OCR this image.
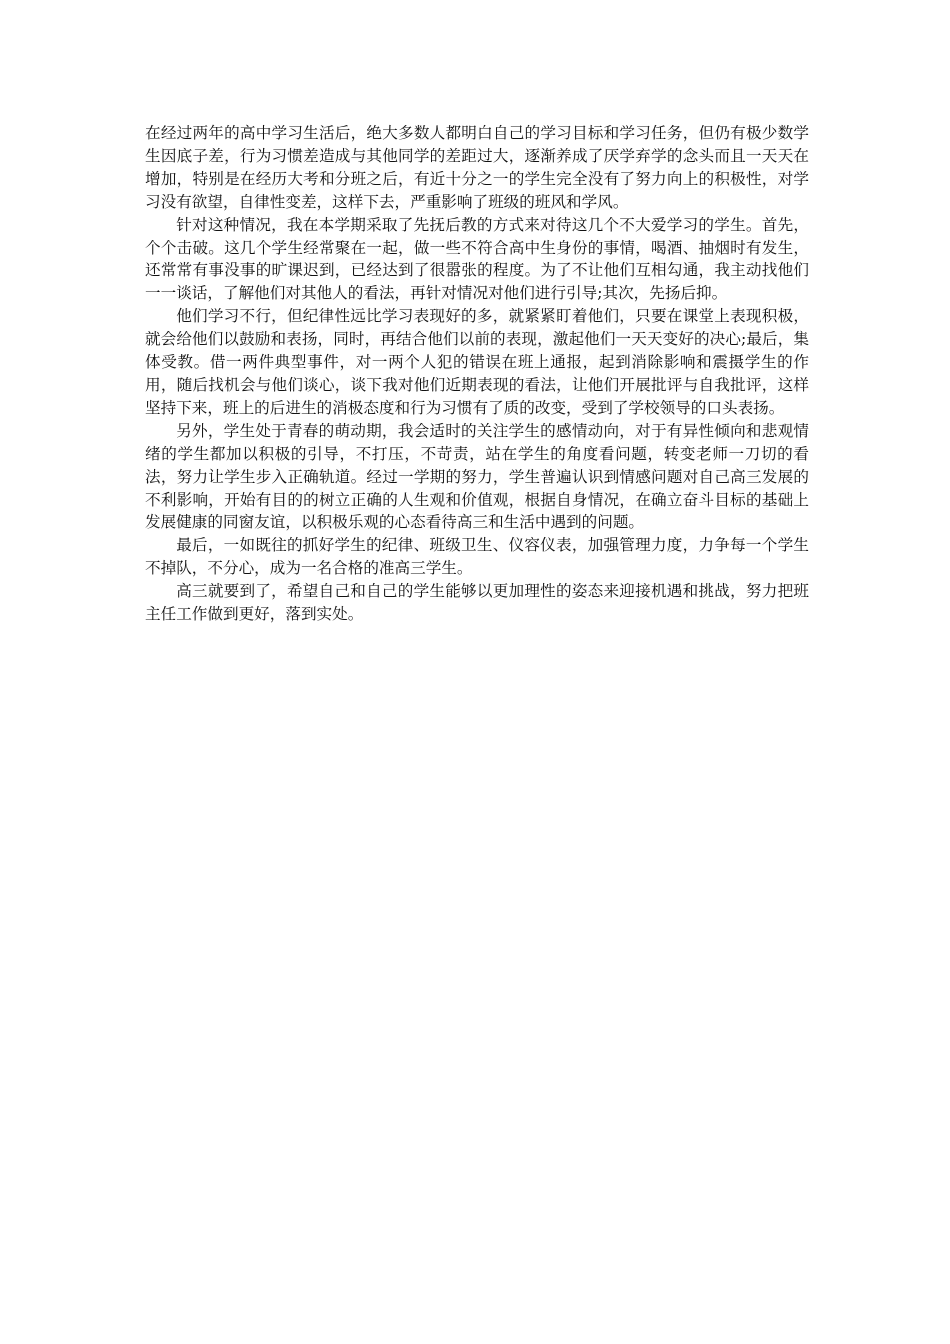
在经过两年的高中学习生活后，绝大多数人都明白自己的学习目标和学习任务，但仍有极少数学生因底子差，行为习惯差造成与其他同学的差距过大，逐渐养成了厌学弃学的念头而且一天天在增加，特别是在经历大考和分班之后，有近十分之一的学生完全没有了努力向上的积极性，对学习没有欲望，自律性变差，这样下去，严重影响了班级的班风和学风。

针对这种情况，我在本学期采取了先抚后教的方式来对待这几个不大爱学习的学生。首先，个个击破。这几个学生经常聚在一起，做一些不符合高中生身份的事情，喝酒、抽烟时有发生，还常常有事没事的旷课迟到，已经达到了很嚣张的程度。为了不让他们互相勾通，我主动找他们一一谈话，了解他们对其他人的看法，再针对情况对他们进行引导;其次，先扬后抑。

他们学习不行，但纪律性远比学习表现好的多，就紧紧盯着他们，只要在课堂上表现积极，就会给他们以鼓励和表扬，同时，再结合他们以前的表现，激起他们一天天变好的决心;最后，集体受教。借一两件典型事件，对一两个人犯的错误在班上通报，起到消除影响和震摄学生的作用，随后找机会与他们谈心，谈下我对他们近期表现的看法，让他们开展批评与自我批评，这样坚持下来，班上的后进生的消极态度和行为习惯有了质的改变，受到了学校领导的口头表扬。

另外，学生处于青春的萌动期，我会适时的关注学生的感情动向，对于有异性倾向和悲观情绪的学生都加以积极的引导，不打压，不苛责，站在学生的角度看问题，转变老师一刀切的看法，努力让学生步入正确轨道。经过一学期的努力，学生普遍认识到情感问题对自己高三发展的不利影响，开始有目的的树立正确的人生观和价值观，根据自身情况，在确立奋斗目标的基础上发展健康的同窗友谊，以积极乐观的心态看待高三和生活中遇到的问题。

最后，一如既往的抓好学生的纪律、班级卫生、仪容仪表，加强管理力度，力争每一个学生不掉队，不分心，成为一名合格的准高三学生。

高三就要到了，希望自己和自己的学生能够以更加理性的姿态来迎接机遇和挑战，努力把班主任工作做到更好，落到实处。
